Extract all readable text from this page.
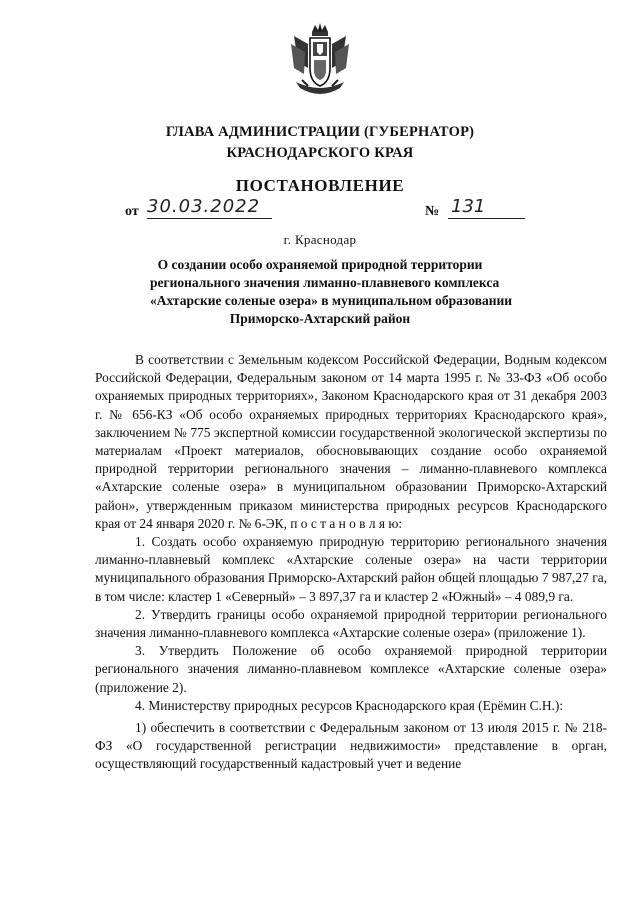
ГЛАВА АДМИНИСТРАЦИИ (ГУБЕРНАТОР)
КРАСНОДАРСКОГО КРАЯ
ПОСТАНОВЛЕНИЕ
от 30.03.2022	№ 131
г. Краснодар
О создании особо охраняемой природной территории
регионального значения лиманно-плавневого комплекса
«Ахтарские соленые озера» в муниципальном образовании
Приморско-Ахтарский район

В соответствии с Земельным кодексом Российской Федерации, Водным кодексом Российской Федерации, Федеральным законом от 14 марта 1995 г. № 33-ФЗ «Об особо охраняемых природных территориях», Законом Краснодарского края от 31 декабря 2003 г. № 656-КЗ «Об особо охраняемых природных территориях Краснодарского края», заключением № 775 экспертной комиссии государственной экологической экспертизы по материалам «Проект материалов, обосновывающих создание особо охраняемой природной территории регионального значения – лиманно-плавневого комплекса «Ахтарские соленые озера» в муниципальном образовании Приморско-Ахтарский район», утвержденным приказом министерства природных ресурсов Краснодарского края от 24 января 2020 г. № 6-ЭК, п о с т а н о в л я ю:

1. Создать особо охраняемую природную территорию регионального значения лиманно-плавневый комплекс «Ахтарские соленые озера» на части территории муниципального образования Приморско-Ахтарский район общей площадью 7 987,27 га, в том числе: кластер 1 «Северный» – 3 897,37 га и кластер 2 «Южный» – 4 089,9 га.

2. Утвердить границы особо охраняемой природной территории регионального значения лиманно-плавневого комплекса «Ахтарские соленые озера» (приложение 1).

3. Утвердить Положение об особо охраняемой природной территории регионального значения лиманно-плавневом комплексе «Ахтарские соленые озера» (приложение 2).

4. Министерству природных ресурсов Краснодарского края (Ерёмин С.Н.):

1) обеспечить в соответствии с Федеральным законом от 13 июля 2015 г. № 218-ФЗ «О государственной регистрации недвижимости» представление в орган, осуществляющий государственный кадастровый учет и ведение
